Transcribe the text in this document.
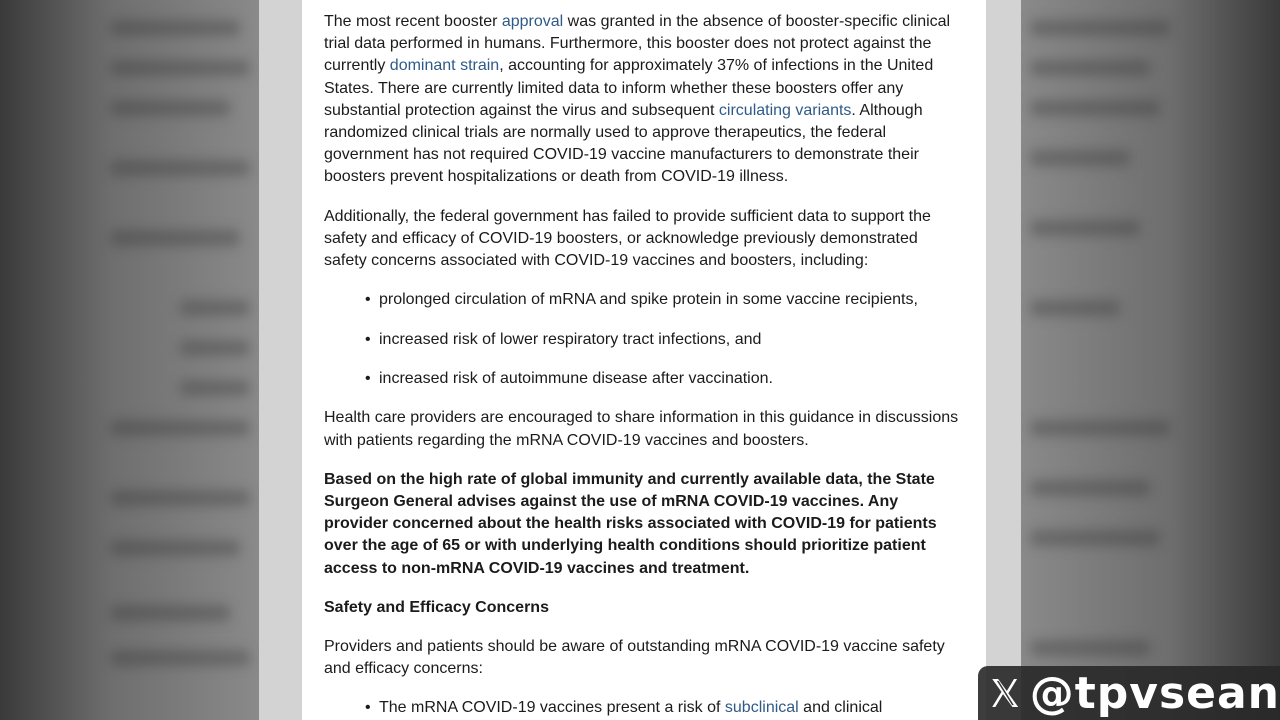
The most recent booster approval was granted in the absence of booster-specific clinical trial data performed in humans. Furthermore, this booster does not protect against the currently dominant strain, accounting for approximately 37% of infections in the United States. There are currently limited data to inform whether these boosters offer any substantial protection against the virus and subsequent circulating variants. Although randomized clinical trials are normally used to approve therapeutics, the federal government has not required COVID-19 vaccine manufacturers to demonstrate their boosters prevent hospitalizations or death from COVID-19 illness.

Additionally, the federal government has failed to provide sufficient data to support the safety and efficacy of COVID-19 boosters, or acknowledge previously demonstrated safety concerns associated with COVID-19 vaccines and boosters, including:

• prolonged circulation of mRNA and spike protein in some vaccine recipients,
• increased risk of lower respiratory tract infections, and
• increased risk of autoimmune disease after vaccination.

Health care providers are encouraged to share information in this guidance in discussions with patients regarding the mRNA COVID-19 vaccines and boosters.

Based on the high rate of global immunity and currently available data, the State Surgeon General advises against the use of mRNA COVID-19 vaccines. Any provider concerned about the health risks associated with COVID-19 for patients over the age of 65 or with underlying health conditions should prioritize patient access to non-mRNA COVID-19 vaccines and treatment.

Safety and Efficacy Concerns

Providers and patients should be aware of outstanding mRNA COVID-19 vaccine safety and efficacy concerns:

• The mRNA COVID-19 vaccines present a risk of subclinical and clinical	@tpvsean
